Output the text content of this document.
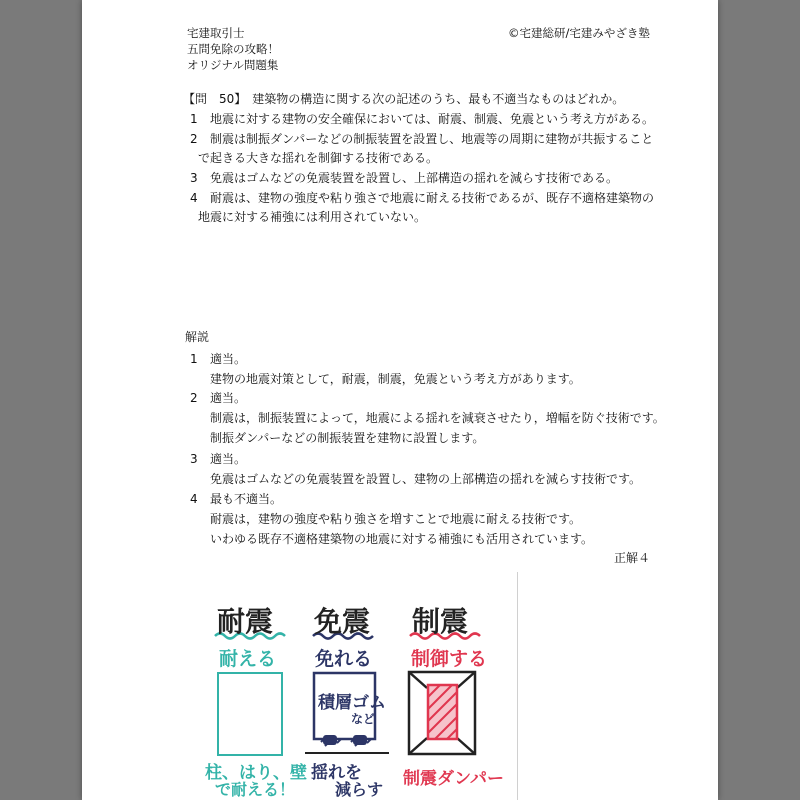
宅建取引士
五問免除の攻略！
オリジナル問題集
©宅建総研/宅建みやざき塾
【問　50】　建築物の構造に関する次の記述のうち、最も不適当なものはどれか。
1 地震に対する建物の安全確保においては、耐震、制震、免震という考え方がある。
2 制震は制振ダンパーなどの制振装置を設置し、地震等の周期に建物が共振すること
で起きる大きな揺れを制御する技術である。
3 免震はゴムなどの免震装置を設置し、上部構造の揺れを減らす技術である。
4 耐震は、建物の強度や粘り強さで地震に耐える技術であるが、既存不適格建築物の
地震に対する補強には利用されていない。
解説
1 適当。
建物の地震対策として，耐震，制震，免震という考え方があります。
2 適当。
制震は，制振装置によって，地震による揺れを減衰させたり，増幅を防ぐ技術です。
制振ダンパーなどの制振装置を建物に設置します。
3 適当。
免震はゴムなどの免震装置を設置し、建物の上部構造の揺れを減らす技術です。
4 最も不適当。
耐震は，建物の強度や粘り強さを増すことで地震に耐える技術です。
いわゆる既存不適格建築物の地震に対する補強にも活用されています。
正解４
耐震 免震 制震
耐える 免れる 制御する
積層ゴム
など
柱、はり、壁
で耐える！
揺れを
減らす
制震ダンパー
